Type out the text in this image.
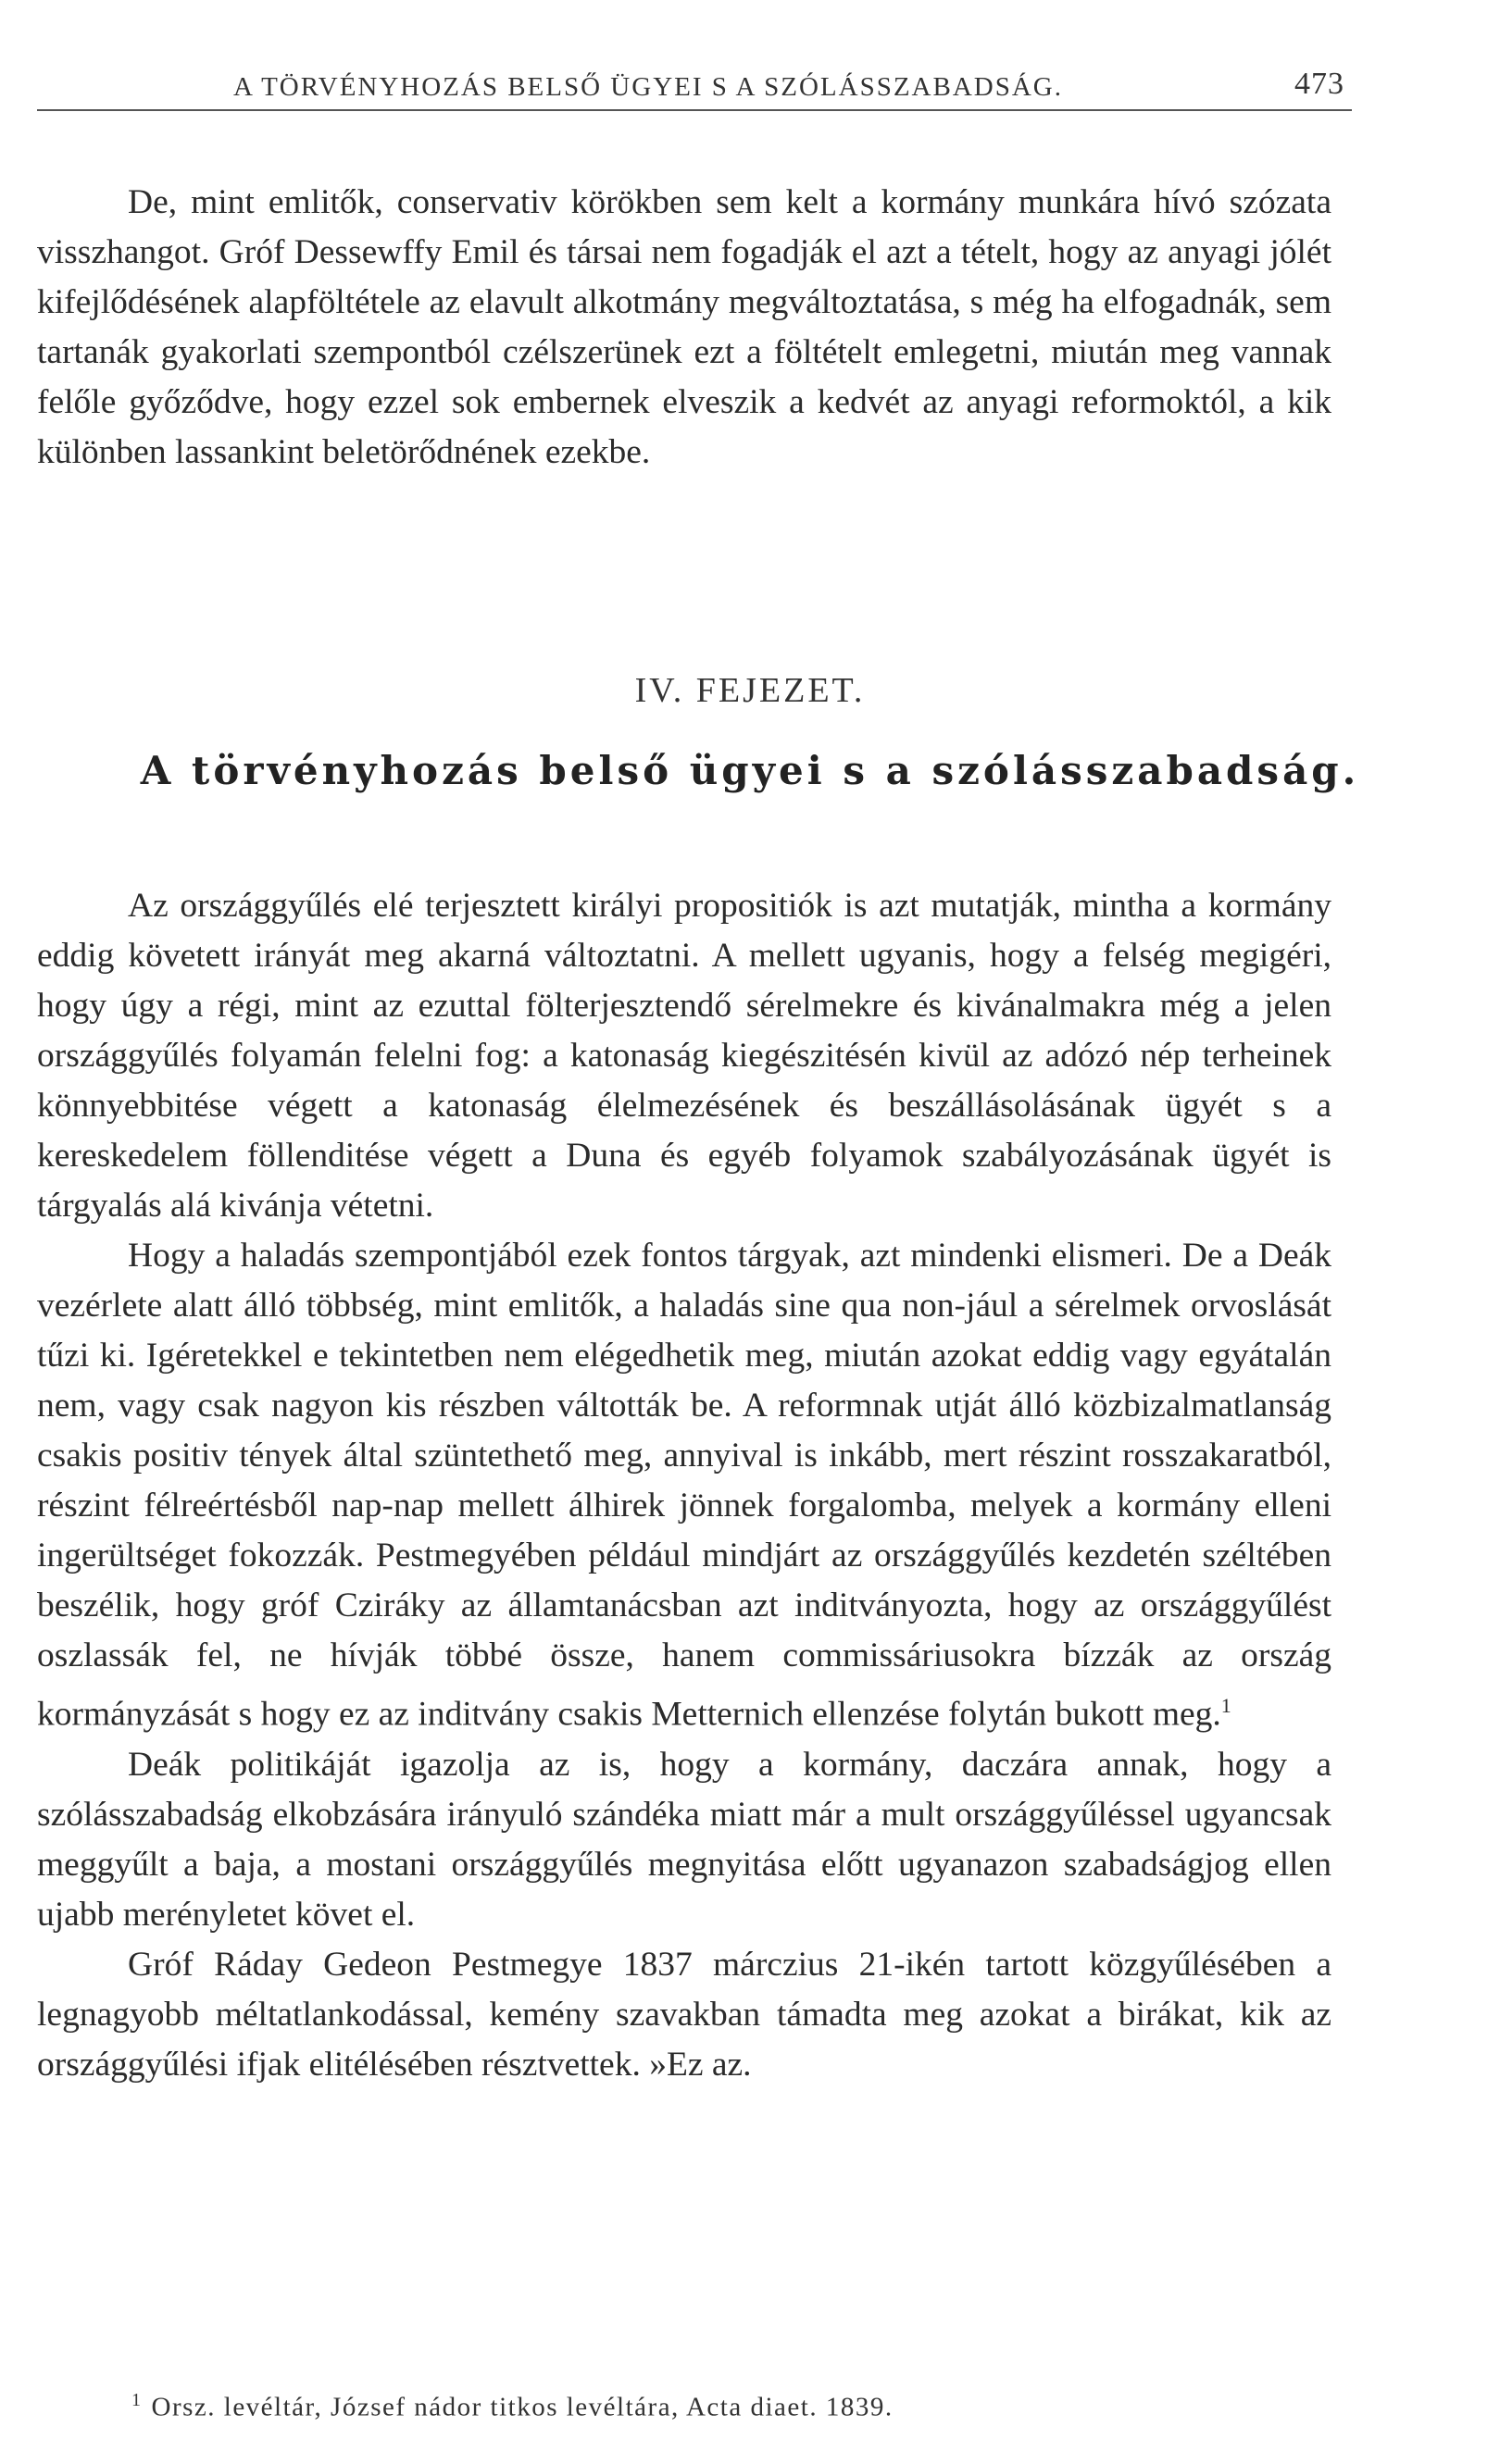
A TÖRVÉNYHOZÁS BELSŐ ÜGYEI S A SZÓLÁSSZABADSÁG.	473

De, mint emlitők, conservativ körökben sem kelt a kormány munkára hívó szózata visszhangot. Gróf Dessewffy Emil és társai nem fogadják el azt a tételt, hogy az anyagi jólét kifejlődésének alapföltétele az elavult alkotmány megváltoztatása, s még ha elfogadnák, sem tartanák gyakorlati szempontból czélszerünek ezt a föltételt emlegetni, miután meg vannak felőle győződve, hogy ezzel sok embernek elveszik a kedvét az anyagi reformoktól, a kik különben lassankint beletörődnének ezekbe.

IV. FEJEZET.
A törvényhozás belső ügyei s a szólásszabadság.

Az országgyűlés elé terjesztett királyi propositiók is azt mutatják, mintha a kormány eddig követett irányát meg akarná változtatni. A mellett ugyanis, hogy a felség megigéri, hogy úgy a régi, mint az ezuttal fölterjesztendő sérelmekre és kivánalmakra még a jelen országgyűlés folyamán felelni fog: a katonaság kiegészitésén kivül az adózó nép terheinek könnyebbitése végett a katonaság élelmezésének és beszállásolásának ügyét s a kereskedelem föllenditése végett a Duna és egyéb folyamok szabályozásának ügyét is tárgyalás alá kivánja vétetni.

Hogy a haladás szempontjából ezek fontos tárgyak, azt mindenki elismeri. De a Deák vezérlete alatt álló többség, mint emlitők, a haladás sine qua non-jául a sérelmek orvoslását tűzi ki. Igéretekkel e tekintetben nem elégedhetik meg, miután azokat eddig vagy egyátalán nem, vagy csak nagyon kis részben váltották be. A reformnak utját álló közbizalmatlanság csakis positiv tények által szüntethető meg, annyival is inkább, mert részint rosszakaratból, részint félreértésből nap-nap mellett álhirek jönnek forgalomba, melyek a kormány elleni ingerültséget fokozzák. Pestmegyében például mindjárt az országgyűlés kezdetén széltében beszélik, hogy gróf Cziráky az államtanácsban azt inditványozta, hogy az országgyűlést oszlassák fel, ne hívják többé össze, hanem commissáriusokra bízzák az ország kormányzását s hogy ez az inditvány csakis Metternich ellenzése folytán bukott meg.$^1$

Deák politikáját igazolja az is, hogy a kormány, daczára annak, hogy a szólásszabadság elkobzására irányuló szándéka miatt már a mult országgyűléssel ugyancsak meggyűlt a baja, a mostani országgyűlés megnyitása előtt ugyanazon szabadságjog ellen ujabb merényletet követ el.

Gróf Ráday Gedeon Pestmegye 1837 márczius 21-ikén tartott közgyűlésében a legnagyobb méltatlankodással, kemény szavakban támadta meg azokat a birákat, kik az országgyűlési ifjak elitélésében résztvettek. »Ez az.

$^1$ Orsz. levéltár, József nádor titkos levéltára, Acta diaet. 1839.
